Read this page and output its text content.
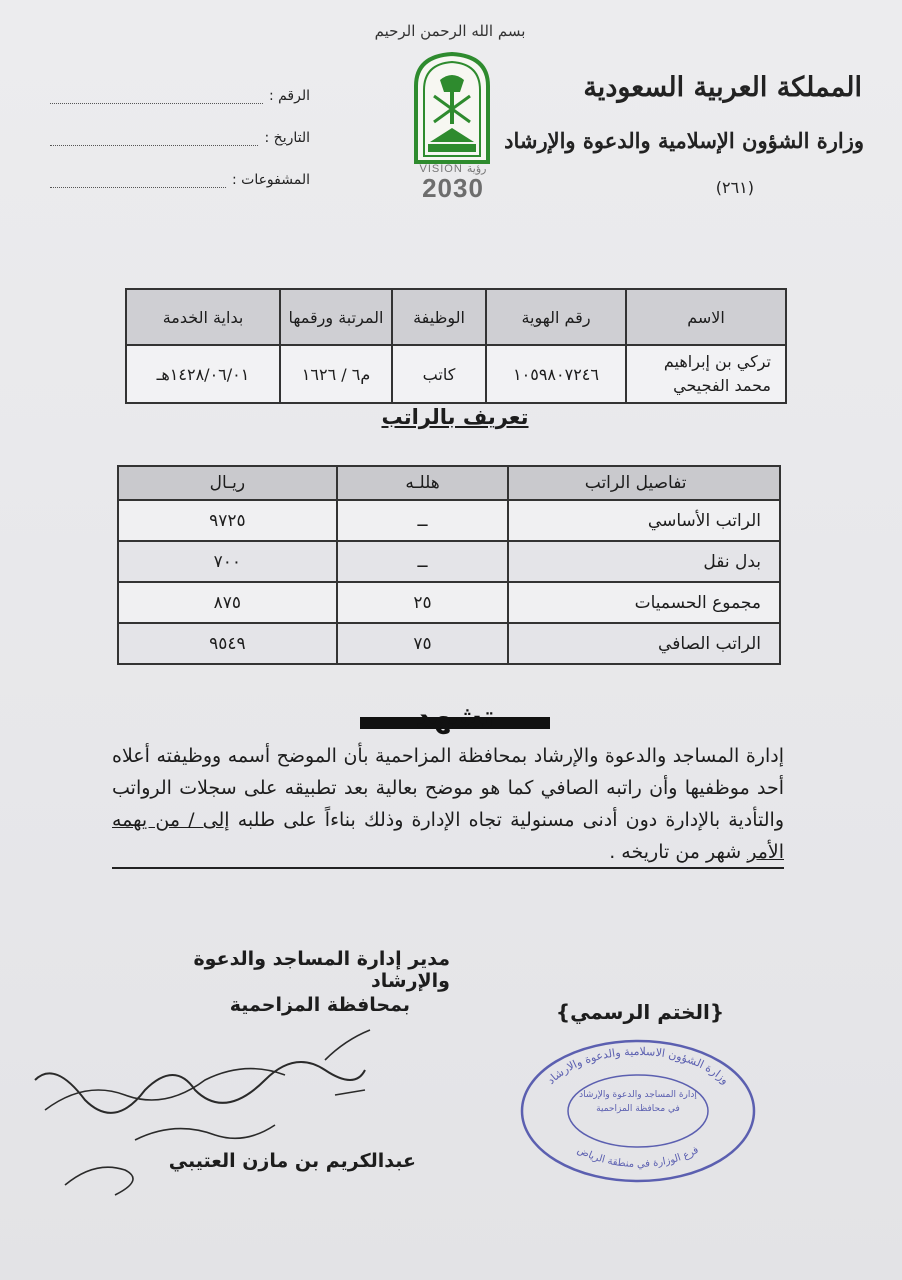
بسم الله الرحمن الرحيم
المملكة العربية السعودية
وزارة الشؤون الإسلامية والدعوة والإرشاد
(٢٦١)
VISION رؤية
2030
الرقم :
التاريخ :
المشفوعات :
الاسم	رقم الهوية	الوظيفة	المرتبة ورقمها	بداية الخدمة
تركي بن إبراهيم محمد الفجيحي	١٠٥٩٨٠٧٢٤٦	كاتب	م٦ / ١٦٢٦	١٤٢٨/٠٦/٠١هـ
تعريف بالراتب
تفاصيل الراتب	هللـه	ريـال
الراتب الأساسي	ــ	٩٧٢٥
بدل نقل	ــ	٧٠٠
مجموع الحسميات	٢٥	٨٧٥
الراتب الصافي	٧٥	٩٥٤٩
تشهد
إدارة المساجد والدعوة والإرشاد بمحافظة المزاحمية بأن الموضح أسمه ووظيفته أعلاه أحد موظفيها وأن راتبه الصافي كما هو موضح بعالية بعد تطبيقه على سجلات الرواتب والتأدية بالإدارة دون أدنى مسنولية تجاه الإدارة وذلك بناءاً على طلبه إلى / من يهمه الأمر شهر من تاريخه .
مدير إدارة المساجد والدعوة والإرشاد
بمحافظة المزاحمية
عبدالكريم بن مازن العتيبي
{الختم الرسمي}
وزارة الشؤون الاسلامية والدعوة والارشاد
فرع الوزارة في منطقة الرياض
إدارة المساجد والدعوة والإرشاد
في محافظة المزاحمية
